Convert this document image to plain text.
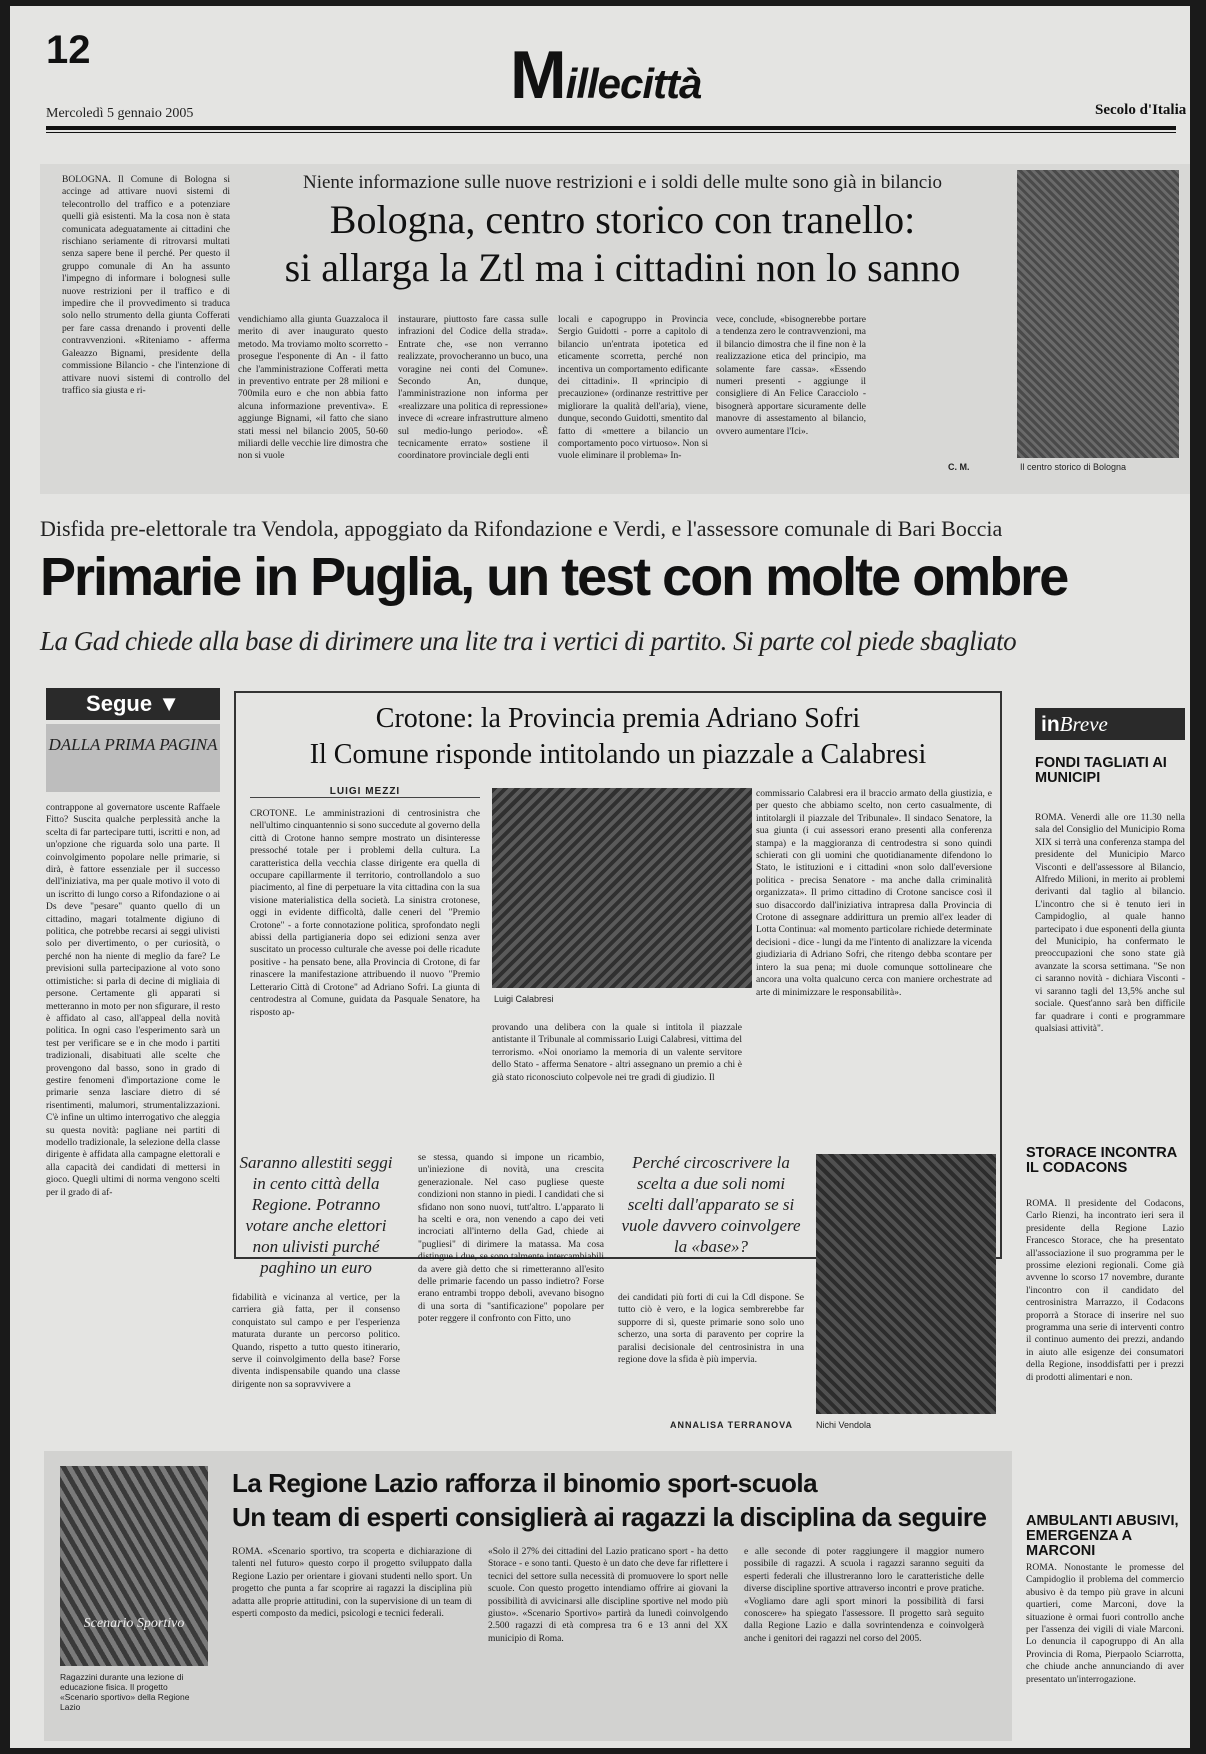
12	Millecittà
Mercoledì 5 gennaio 2005	Secolo d'Italia
BOLOGNA. Il Comune di Bologna si accinge ad attivare nuovi sistemi di telecontrollo del traffico e a potenziare quelli già esistenti. Ma la cosa non è stata comunicata adeguatamente ai cittadini che rischiano seriamente di ritrovarsi multati senza sapere bene il perché. Per questo il gruppo comunale di An ha assunto l'impegno di informare i bolognesi sulle nuove restrizioni per il traffico e di impedire che il provvedimento si traduca solo nello strumento della giunta Cofferati per fare cassa drenando i proventi delle contravvenzioni. «Riteniamo - afferma Galeazzo Bignami, presidente della commissione Bilancio - che l'intenzione di attivare nuovi sistemi di controllo del traffico sia giusta e ri-
Niente informazione sulle nuove restrizioni e i soldi delle multe sono già in bilancio
Bologna, centro storico con tranello:
si allarga la Ztl ma i cittadini non lo sanno
vendichiamo alla giunta Guazzaloca il merito di aver inaugurato questo metodo. Ma troviamo molto scorretto - prosegue l'esponente di An - il fatto che l'amministrazione Cofferati metta in preventivo entrate per 28 milioni e 700mila euro e che non abbia fatto alcuna informazione preventiva». E aggiunge Bignami, «il fatto che siano stati messi nel bilancio 2005, 50-60 miliardi delle vecchie lire dimostra che non si vuole
instaurare, piuttosto fare cassa sulle infrazioni del Codice della strada». Entrate che, «se non verranno realizzate, provocheranno un buco, una voragine nei conti del Comune». Secondo An, dunque, l'amministrazione non informa per «realizzare una politica di repressione» invece di «creare infrastrutture almeno sul medio-lungo periodo». «È tecnicamente errato» sostiene il coordinatore provinciale degli enti
locali e capogruppo in Provincia Sergio Guidotti - porre a capitolo di bilancio un'entrata ipotetica ed eticamente scorretta, perché non incentiva un comportamento edificante dei cittadini». Il «principio di precauzione» (ordinanze restrittive per migliorare la qualità dell'aria), viene, dunque, secondo Guidotti, smentito dal fatto di «mettere a bilancio un comportamento poco virtuoso». Non si vuole eliminare il problema» In-
vece, conclude, «bisognerebbe portare a tendenza zero le contravvenzioni, ma il bilancio dimostra che il fine non è la realizzazione etica del principio, ma solamente fare cassa». «Essendo numeri presenti - aggiunge il consigliere di An Felice Caracciolo - bisognerà apportare sicuramente delle manovre di assestamento al bilancio, ovvero aumentare l'Ici».
C. M.	Il centro storico di Bologna
Disfida pre-elettorale tra Vendola, appoggiato da Rifondazione e Verdi, e l'assessore comunale di Bari Boccia
Primarie in Puglia, un test con molte ombre
La Gad chiede alla base di dirimere una lite tra i vertici di partito. Si parte col piede sbagliato
Segue ▼
DALLA PRIMA PAGINA
contrappone al governatore uscente Raffaele Fitto? Suscita qualche perplessità anche la scelta di far partecipare tutti, iscritti e non, ad un'opzione che riguarda solo una parte. Il coinvolgimento popolare nelle primarie, si dirà, è fattore essenziale per il successo dell'iniziativa, ma per quale motivo il voto di un iscritto di lungo corso a Rifondazione o ai Ds deve "pesare" quanto quello di un cittadino, magari totalmente digiuno di politica, che potrebbe recarsi ai seggi ulivisti solo per divertimento, o per curiosità, o perché non ha niente di meglio da fare? Le previsioni sulla partecipazione al voto sono ottimistiche: si parla di decine di migliaia di persone. Certamente gli apparati si metteranno in moto per non sfigurare, il resto è affidato al caso, all'appeal della novità politica. In ogni caso l'esperimento sarà un test per verificare se e in che modo i partiti tradizionali, disabituati alle scelte che provengono dal basso, sono in grado di gestire fenomeni d'importazione come le primarie senza lasciare dietro di sé risentimenti, malumori, strumentalizzazioni. C'è infine un ultimo interrogativo che aleggia su questa novità: pagliane nei partiti di modello tradizionale, la selezione della classe dirigente è affidata alla campagne elettorali e alla capacità dei candidati di mettersi in gioco. Quegli ultimi di norma vengono scelti per il grado di af-
Crotone: la Provincia premia Adriano Sofri
Il Comune risponde intitolando un piazzale a Calabresi
LUIGI MEZZI
CROTONE. Le amministrazioni di centrosinistra che nell'ultimo cinquantennio si sono succedute al governo della città di Crotone hanno sempre mostrato un disinteresse pressoché totale per i problemi della cultura. La caratteristica della vecchia classe dirigente era quella di occupare capillarmente il territorio, controllandolo a suo piacimento, al fine di perpetuare la vita cittadina con la sua visione materialistica della società. La sinistra crotonese, oggi in evidente difficoltà, dalle ceneri del "Premio Crotone" - a forte connotazione politica, sprofondato negli abissi della partigianeria dopo sei edizioni senza aver suscitato un processo culturale che avesse poi delle ricadute positive - ha pensato bene, alla Provincia di Crotone, di far rinascere la manifestazione attribuendo il nuovo "Premio Letterario Città di Crotone" ad Adriano Sofri. La giunta di centrodestra al Comune, guidata da Pasquale Senatore, ha risposto ap-
Luigi Calabresi
provando una delibera con la quale si intitola il piazzale antistante il Tribunale al commissario Luigi Calabresi, vittima del terrorismo. «Noi onoriamo la memoria di un valente servitore dello Stato - afferma Senatore - altri assegnano un premio a chi è già stato riconosciuto colpevole nei tre gradi di giudizio. Il
commissario Calabresi era il braccio armato della giustizia, e per questo che abbiamo scelto, non certo casualmente, di intitolargli il piazzale del Tribunale». Il sindaco Senatore, la sua giunta (i cui assessori erano presenti alla conferenza stampa) e la maggioranza di centrodestra si sono quindi schierati con gli uomini che quotidianamente difendono lo Stato, le istituzioni e i cittadini «non solo dall'eversione politica - precisa Senatore - ma anche dalla criminalità organizzata». Il primo cittadino di Crotone sancisce così il suo disaccordo dall'iniziativa intrapresa dalla Provincia di Crotone di assegnare addirittura un premio all'ex leader di Lotta Continua: «al momento particolare richiede determinate decisioni - dice - lungi da me l'intento di analizzare la vicenda giudiziaria di Adriano Sofri, che ritengo debba scontare per intero la sua pena; mi duole comunque sottolineare che ancora una volta qualcuno cerca con maniere orchestrate ad arte di minimizzare le responsabilità».
inBreve
FONDI TAGLIATI AI MUNICIPI
ROMA. Venerdì alle ore 11.30 nella sala del Consiglio del Municipio Roma XIX si terrà una conferenza stampa del presidente del Municipio Marco Visconti e dell'assessore al Bilancio, Alfredo Milioni, in merito ai problemi derivanti dal taglio al bilancio. L'incontro che si è tenuto ieri in Campidoglio, al quale hanno partecipato i due esponenti della giunta del Municipio, ha confermato le preoccupazioni che sono state già avanzate la scorsa settimana. "Se non ci saranno novità - dichiara Visconti - vi saranno tagli del 13,5% anche sul sociale. Quest'anno sarà ben difficile far quadrare i conti e programmare qualsiasi attività".
STORACE INCONTRA IL CODACONS
ROMA. Il presidente del Codacons, Carlo Rienzi, ha incontrato ieri sera il presidente della Regione Lazio Francesco Storace, che ha presentato all'associazione il suo programma per le prossime elezioni regionali. Come già avvenne lo scorso 17 novembre, durante l'incontro con il candidato del centrosinistra Marrazzo, il Codacons proporrà a Storace di inserire nel suo programma una serie di interventi contro il continuo aumento dei prezzi, andando in aiuto alle esigenze dei consumatori della Regione, insoddisfatti per i prezzi di prodotti alimentari e non.
AMBULANTI ABUSIVI, EMERGENZA A MARCONI
ROMA. Nonostante le promesse del Campidoglio il problema del commercio abusivo è da tempo più grave in alcuni quartieri, come Marconi, dove la situazione è ormai fuori controllo anche per l'assenza dei vigili di viale Marconi. Lo denuncia il capogruppo di An alla Provincia di Roma, Pierpaolo Sciarrotta, che chiude anche annunciando di aver presentato un'interrogazione.
Saranno allestiti seggi in cento città della Regione. Potranno votare anche elettori non ulivisti purché paghino un euro
fidabilità e vicinanza al vertice, per la carriera già fatta, per il consenso conquistato sul campo e per l'esperienza maturata durante un percorso politico. Quando, rispetto a tutto questo itinerario, serve il coinvolgimento della base? Forse diventa indispensabile quando una classe dirigente non sa sopravvivere a
se stessa, quando si impone un ricambio, un'iniezione di novità, una crescita generazionale. Nel caso pugliese queste condizioni non stanno in piedi. I candidati che si sfidano non sono nuovi, tutt'altro. L'apparato li ha scelti e ora, non venendo a capo dei veti incrociati all'interno della Gad, chiede ai "pugliesi" di dirimere la matassa. Ma cosa distingue i due, se sono talmente intercambiabili da avere già detto che si rimetteranno all'esito delle primarie facendo un passo indietro? Forse erano entrambi troppo deboli, avevano bisogno di una sorta di "santificazione" popolare per poter reggere il confronto con Fitto, uno
Perché circoscrivere la scelta a due soli nomi scelti dall'apparato se si vuole davvero coinvolgere la «base»?
dei candidati più forti di cui la Cdl dispone. Se tutto ciò è vero, e la logica sembrerebbe far supporre di sì, queste primarie sono solo uno scherzo, una sorta di paravento per coprire la paralisi decisionale del centrosinistra in una regione dove la sfida è più impervia.
ANNALISA TERRANOVA	Nichi Vendola
Scenario Sportivo
Ragazzini durante una lezione di educazione fisica. Il progetto «Scenario sportivo» della Regione Lazio
La Regione Lazio rafforza il binomio sport-scuola
Un team di esperti consiglierà ai ragazzi la disciplina da seguire
ROMA. «Scenario sportivo, tra scoperta e dichiarazione di talenti nel futuro» questo corpo il progetto sviluppato dalla Regione Lazio per orientare i giovani studenti nello sport. Un progetto che punta a far scoprire ai ragazzi la disciplina più adatta alle proprie attitudini, con la supervisione di un team di esperti composto da medici, psicologi e tecnici federali.
«Solo il 27% dei cittadini del Lazio praticano sport - ha detto Storace - e sono tanti. Questo è un dato che deve far riflettere i tecnici del settore sulla necessità di promuovere lo sport nelle scuole. Con questo progetto intendiamo offrire ai giovani la possibilità di avvicinarsi alle discipline sportive nel modo più giusto». «Scenario Sportivo» partirà da lunedì coinvolgendo 2.500 ragazzi di età compresa tra 6 e 13 anni del XX municipio di Roma.
e alle seconde di poter raggiungere il maggior numero possibile di ragazzi. A scuola i ragazzi saranno seguiti da esperti federali che illustreranno loro le caratteristiche delle diverse discipline sportive attraverso incontri e prove pratiche. «Vogliamo dare agli sport minori la possibilità di farsi conoscere» ha spiegato l'assessore. Il progetto sarà seguito dalla Regione Lazio e dalla sovrintendenza e coinvolgerà anche i genitori dei ragazzi nel corso del 2005.
